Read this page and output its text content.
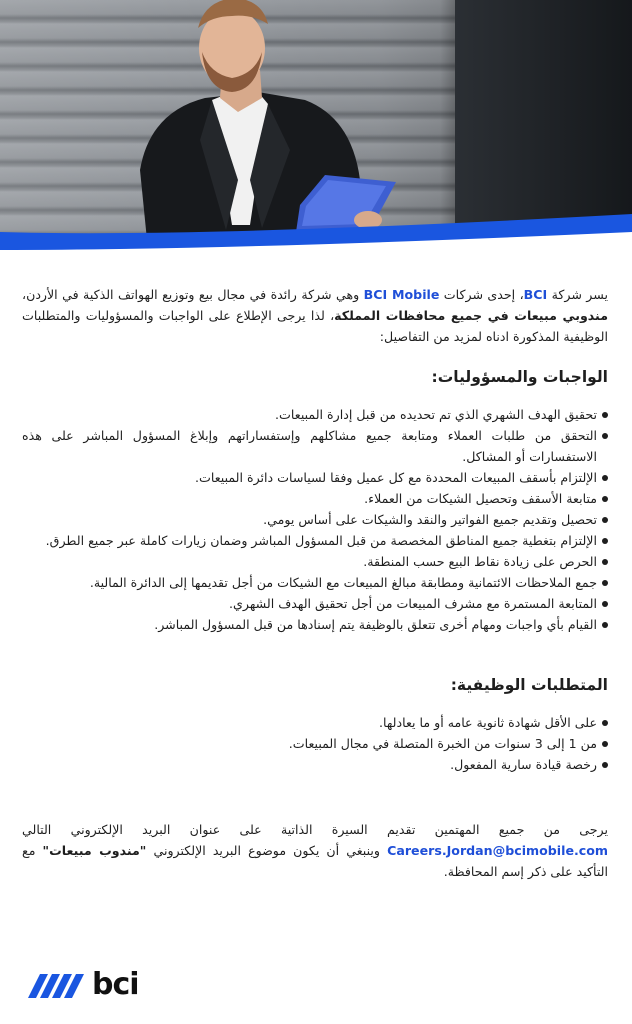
يسر شركة BCI، إحدى شركات BCI Mobile وهي شركة رائدة في مجال بيع وتوزيع الهواتف الذكية في الأردن، مندوبي مبيعات في جميع محافظات المملكة، لذا يرجى الإطلاع على الواجبات والمسؤوليات والمتطلبات الوظيفية المذكورة ادناه لمزيد من التفاصيل:

الواجبات والمسؤوليات:
تحقيق الهدف الشهري الذي تم تحديده من قبل إدارة المبيعات.
التحقق من طلبات العملاء ومتابعة جميع مشاكلهم وإستفساراتهم وإبلاغ المسؤول المباشر على هذه الاستفسارات أو المشاكل.
الإلتزام بأسقف المبيعات المحددة مع كل عميل وفقا لسياسات دائرة المبيعات.
متابعة الأسقف وتحصيل الشيكات من العملاء.
تحصيل وتقديم جميع الفواتير والنقد والشيكات على أساس يومي.
الإلتزام بتغطية جميع المناطق المخصصة من قبل المسؤول المباشر وضمان زيارات كاملة عبر جميع الطرق.
الحرص على زيادة نقاط البيع حسب المنطقة.
جمع الملاحظات الائتمانية ومطابقة مبالغ المبيعات مع الشيكات من أجل تقديمها إلى الدائرة المالية.
المتابعة المستمرة مع مشرف المبيعات من أجل تحقيق الهدف الشهري.
القيام بأي واجبات ومهام أخرى تتعلق بالوظيفة يتم إسنادها من قبل المسؤول المباشر.
المتطلبات الوظيفية:
على الأقل شهادة ثانوية عامه أو ما يعادلها.
من 1 إلى 3 سنوات من الخبرة المتصلة في مجال المبيعات.
رخصة قيادة سارية المفعول.

يرجى من جميع المهتمين تقديم السيرة الذاتية على عنوان البريد الإلكتروني التالي Careers.Jordan@bcimobile.com وينبغي أن يكون موضوع البريد الإلكتروني "مندوب مبيعات" مع التأكيد على ذكر إسم المحافظة.

bci
